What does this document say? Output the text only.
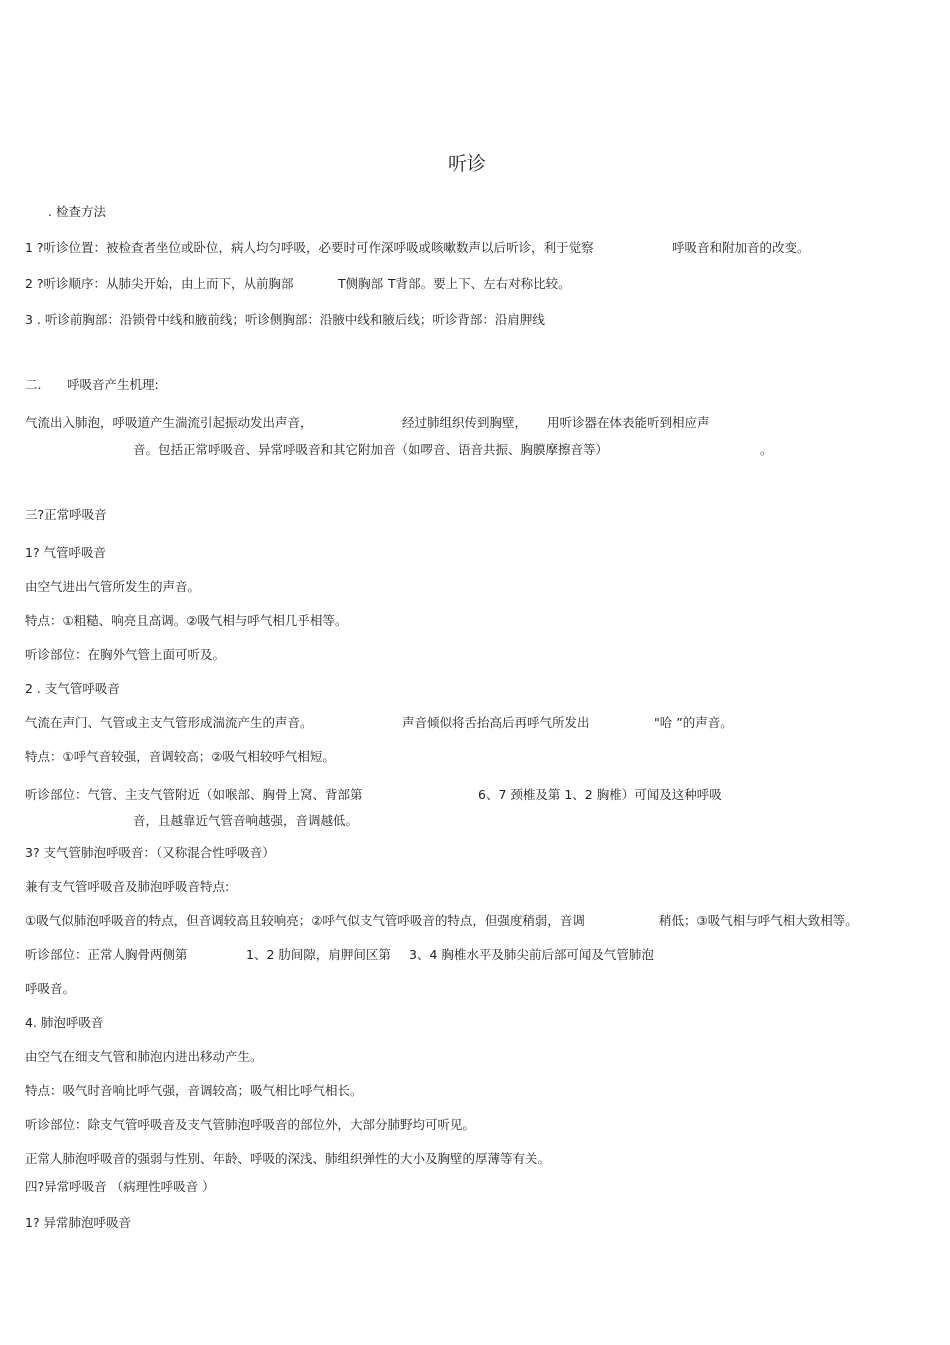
听诊
. 检查方法
1 ?听诊位置：被检查者坐位或卧位，病人均匀呼吸，必要时可作深呼吸或咳嗽数声以后听诊，利于觉察	呼吸音和附加音的改变。
2 ?听诊顺序：从肺尖开始，由上而下，从前胸部	T侧胸部 T背部。要上下、左右对称比较。
3 . 听诊前胸部：沿锁骨中线和腋前线；听诊侧胸部：沿腋中线和腋后线；听诊背部：沿肩胛线
二. 呼吸音产生机理:
气流出入肺泡，呼吸道产生湍流引起振动发出声音，	经过肺组织传到胸壁， 用听诊器在体表能听到相应声
音。包括正常呼吸音、异常呼吸音和其它附加音（如啰音、语音共振、胸膜摩擦音等）	。
三?正常呼吸音
1? 气管呼吸音
由空气进出气管所发生的声音。
特点：①粗糙、响亮且高调。②吸气相与呼气相几乎相等。
听诊部位：在胸外气管上面可听及。
2 . 支气管呼吸音
气流在声门、气管或主支气管形成湍流产生的声音。	声音倾似将舌抬高后再呼气所发出	"哈 ”的声音。
特点：①呼气音较强，音调较高；②吸气相较呼气相短。
听诊部位：气管、主支气管附近（如喉部、胸骨上窝、背部第	6、7 颈椎及第 1、2 胸椎）可闻及这种呼吸
音，且越靠近气管音响越强，音调越低。
3? 支气管肺泡呼吸音：（又称混合性呼吸音）
兼有支气管呼吸音及肺泡呼吸音特点:
①吸气似肺泡呼吸音的特点，但音调较高且较响亮；②呼气似支气管呼吸音的特点，但强度稍弱，音调	稍低；③吸气相与呼气相大致相等。
听诊部位：正常人胸骨两侧第	1、2 肋间隙，肩胛间区第 3、4 胸椎水平及肺尖前后部可闻及气管肺泡
呼吸音。
4. 肺泡呼吸音
由空气在细支气管和肺泡内进出移动产生。
特点：吸气时音响比呼气强，音调较高；吸气相比呼气相长。
听诊部位：除支气管呼吸音及支气管肺泡呼吸音的部位外，大部分肺野均可听见。
正常人肺泡呼吸音的强弱与性别、年龄、呼吸的深浅、肺组织弹性的大小及胸壁的厚薄等有关。
四?异常呼吸音 （病理性呼吸音 ）
1? 异常肺泡呼吸音
